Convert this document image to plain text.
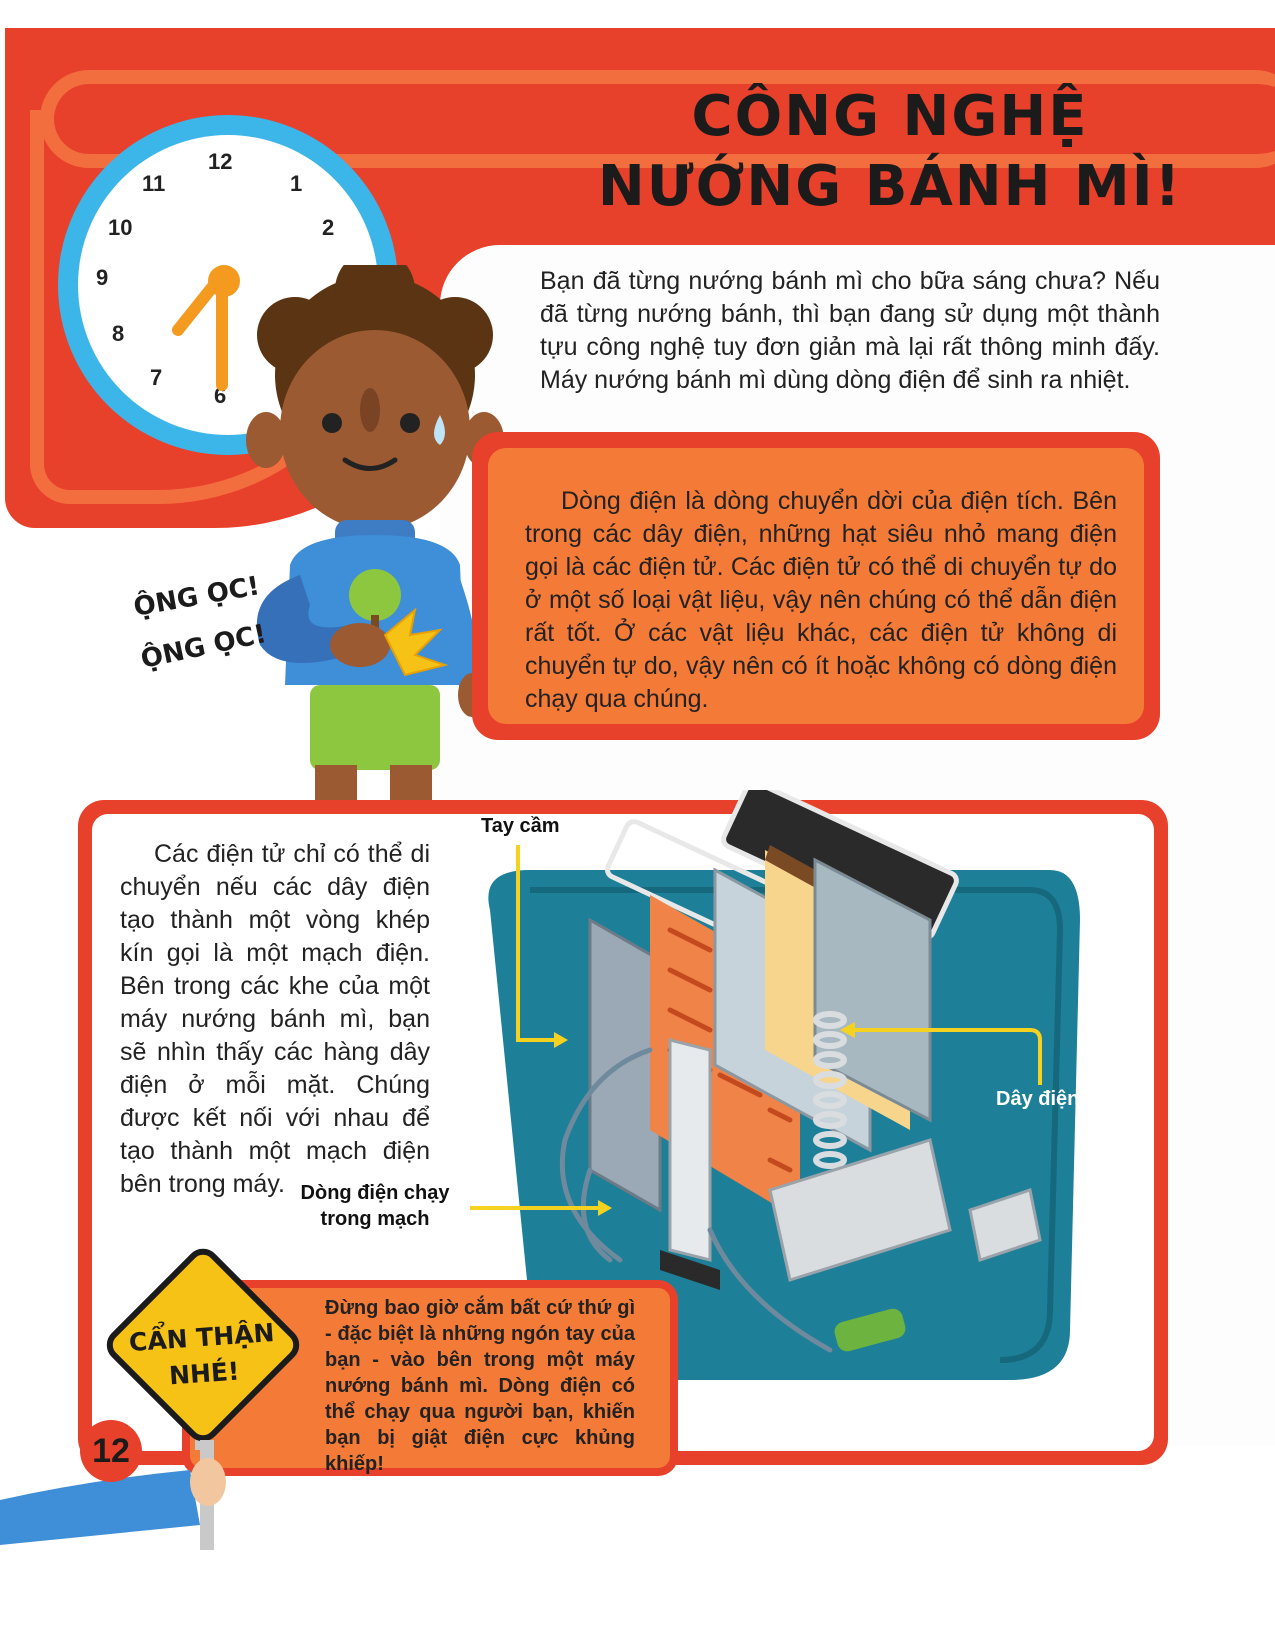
CÔNG NGHỆ
NƯỚNG BÁNH MÌ!
12
1
2
9
10
11
8
7
6
Bạn đã từng nướng bánh mì cho bữa sáng chưa? Nếu đã từng nướng bánh, thì bạn đang sử dụng một thành tựu công nghệ tuy đơn giản mà lại rất thông minh đấy. Máy nướng bánh mì dùng dòng điện để sinh ra nhiệt.
ỘNG ỌC!
ỘNG ỌC!
Dòng điện là dòng chuyển dời của điện tích. Bên trong các dây điện, những hạt siêu nhỏ mang điện gọi là các điện tử. Các điện tử có thể di chuyển tự do ở một số loại vật liệu, vậy nên chúng có thể dẫn điện rất tốt. Ở các vật liệu khác, các điện tử không di chuyển tự do, vậy nên có ít hoặc không có dòng điện chạy qua chúng.
Các điện tử chỉ có thể di chuyển nếu các dây điện tạo thành một vòng khép kín gọi là một mạch điện. Bên trong các khe của một máy nướng bánh mì, bạn sẽ nhìn thấy các hàng dây điện ở mỗi mặt. Chúng được kết nối với nhau để tạo thành một mạch điện bên trong máy.
Tay cầm
Dây điện
Dòng điện chạy
trong mạch
Đừng bao giờ cắm bất cứ thứ gì - đặc biệt là những ngón tay của bạn - vào bên trong một máy nướng bánh mì. Dòng điện có thể chạy qua người bạn, khiến bạn bị giật điện cực khủng khiếp!
CẨN THẬN
NHÉ!
12
